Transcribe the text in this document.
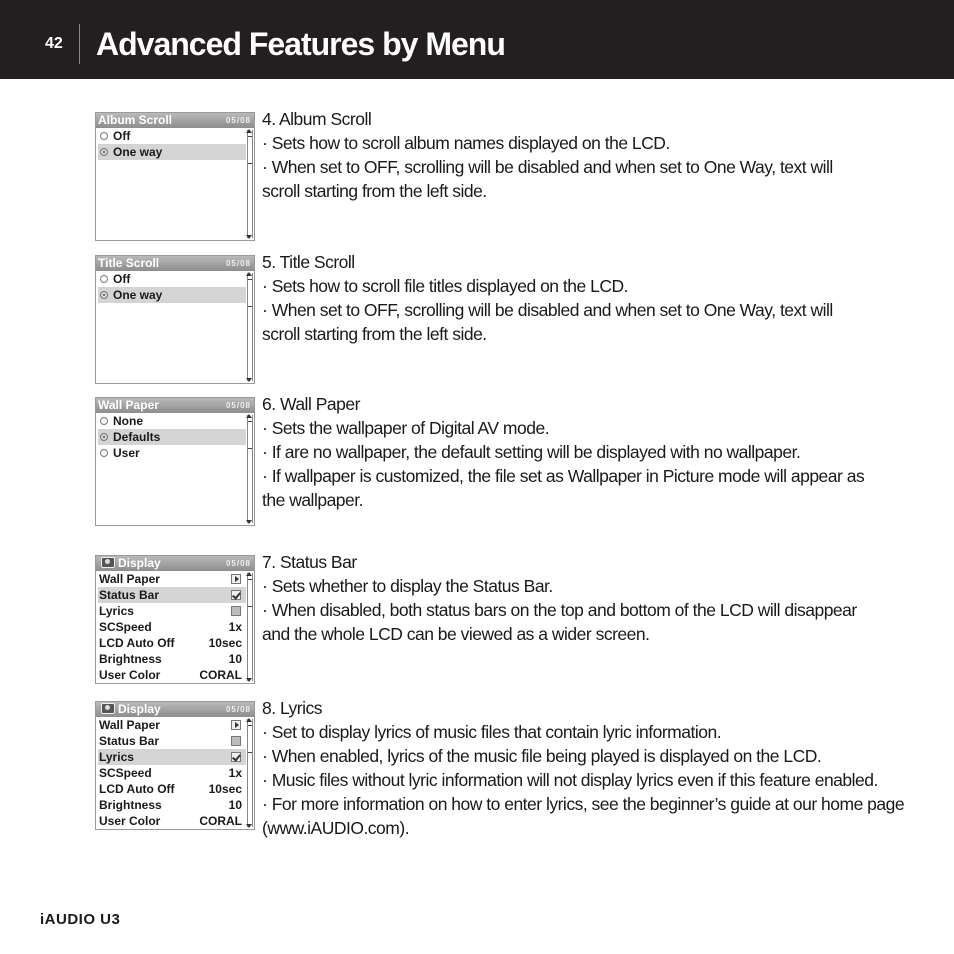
42 Advanced Features by Menu
Album Scroll	05/08
Off
One way

4. Album Scroll

· Sets how to scroll album names displayed on the LCD.

· When set to OFF, scrolling will be disabled and when set to One Way, text will scroll starting from the left side.

Title Scroll	05/08
Off
One way

5. Title Scroll

· Sets how to scroll file titles displayed on the LCD.

· When set to OFF, scrolling will be disabled and when set to One Way, text will scroll starting from the left side.

Wall Paper	05/08
None
Defaults
User

6. Wall Paper

· Sets the wallpaper of Digital AV mode.

· If are no wallpaper, the default setting will be displayed with no wallpaper.

· If wallpaper is customized, the file set as Wallpaper in Picture mode will appear as the wallpaper.

Display	05/08
Wall Paper
Status Bar
Lyrics
SCSpeed	1x
LCD Auto Off	10sec
Brightness	10
User Color	CORAL

7. Status Bar

· Sets whether to display the Status Bar.

· When disabled, both status bars on the top and bottom of the LCD will disappear and the whole LCD can be viewed as a wider screen.

Display	05/08
Wall Paper
Status Bar
Lyrics
SCSpeed	1x
LCD Auto Off	10sec
Brightness	10
User Color	CORAL

8. Lyrics

· Set to display lyrics of music files that contain lyric information.

· When enabled, lyrics of the music file being played is displayed on the LCD.

· Music files without lyric information will not display lyrics even if this feature enabled.

· For more information on how to enter lyrics, see the beginner’s guide at our home page (www.iAUDIO.com).

iAUDIO U3
